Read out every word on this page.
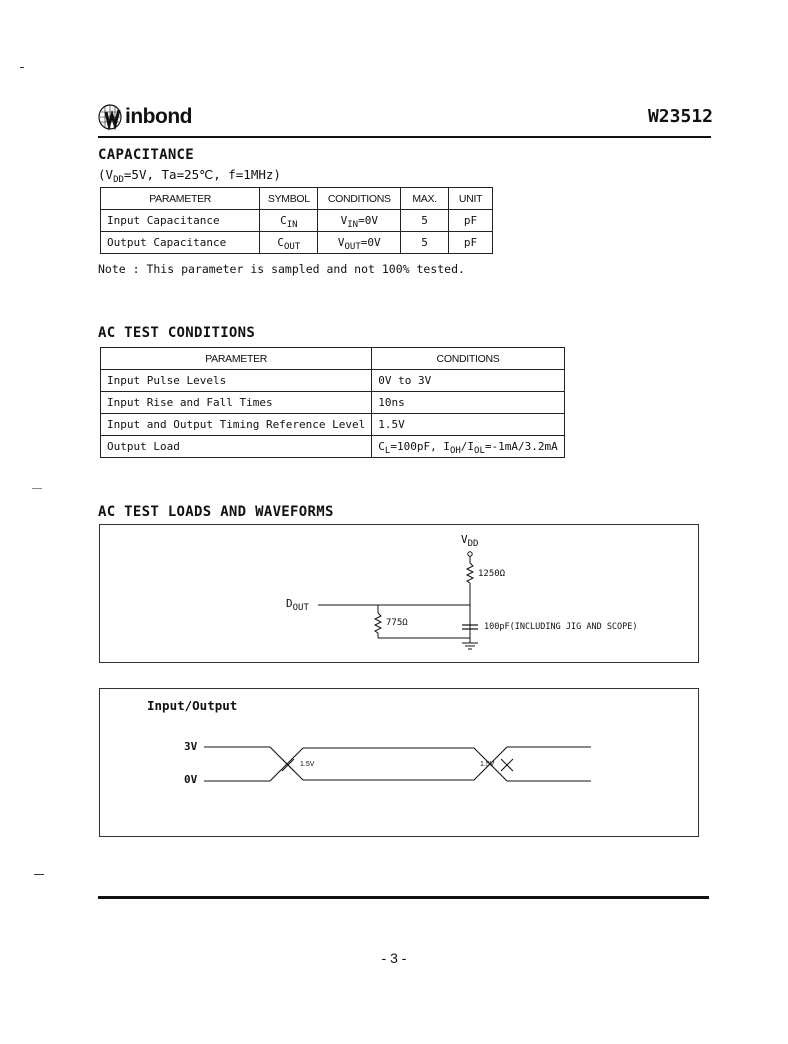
inbond	W23512
CAPACITANCE
($V_{DD}=5V$, Ta=25℃, f=1MHz)
PARAMETER	SYMBOL	CONDITIONS	MAX.	UNIT
Input Capacitance	$C_{IN}$	$V_{IN}=0V$	5	pF
Output Capacitance	$C_{OUT}$	$V_{OUT}=0V$	5	pF
Note : This parameter is sampled and not 100% tested.
AC TEST CONDITIONS
PARAMETER	CONDITIONS
Input Pulse Levels	0V to 3V
Input Rise and Fall Times	10ns
Input and Output Timing Reference Level	1.5V
Output Load	$C_L=100pF$, $I_{OH}/I_{OL}=-1mA/3.2mA$
AC TEST LOADS AND WAVEFORMS
$V_{DD}$
1250Ω
$D_{OUT}$
775Ω	100pF(INCLUDING JIG AND SCOPE)
Input/Output
3V
0V
1.5V	1.5V
- 3 -
